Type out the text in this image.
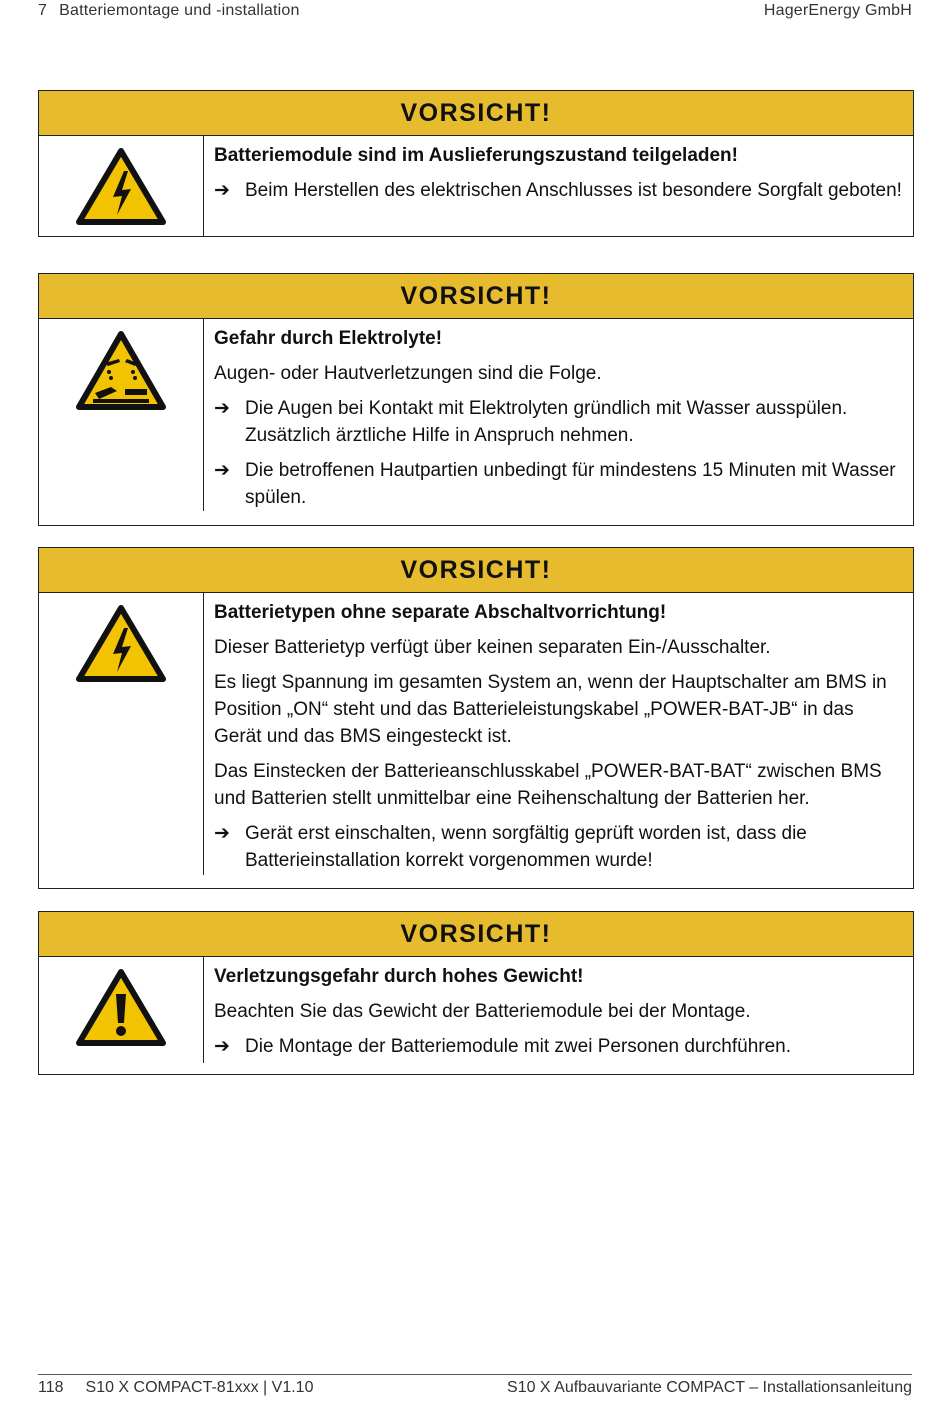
7 Batteriemontage und -installation	HagerEnergy GmbH
VORSICHT!
Batteriemodule sind im Auslieferungszustand teilgeladen!
➔ Beim Herstellen des elektrischen Anschlusses ist besondere Sorgfalt geboten!
VORSICHT!
Gefahr durch Elektrolyte!

Augen- oder Hautverletzungen sind die Folge.

➔ Die Augen bei Kontakt mit Elektrolyten gründlich mit Wasser ausspülen. Zusätzlich ärztliche Hilfe in Anspruch nehmen.
➔ Die betroffenen Hautpartien unbedingt für mindestens 15 Minuten mit Wasser spülen.
VORSICHT!
Batterietypen ohne separate Abschaltvorrichtung!

Dieser Batterietyp verfügt über keinen separaten Ein-/Ausschalter.

Es liegt Spannung im gesamten System an, wenn der Hauptschalter am BMS in Position „ON“ steht und das Batterieleistungskabel „POWER-BAT-JB“ in das Gerät und das BMS eingesteckt ist.

Das Einstecken der Batterieanschlusskabel „POWER-BAT-BAT“ zwischen BMS und Batterien stellt unmittelbar eine Reihenschaltung der Batterien her.

➔ Gerät erst einschalten, wenn sorgfältig geprüft worden ist, dass die Batterieinstallation korrekt vorgenommen wurde!
VORSICHT!
Verletzungsgefahr durch hohes Gewicht!

Beachten Sie das Gewicht der Batteriemodule bei der Montage.

➔ Die Montage der Batteriemodule mit zwei Personen durchführen.
118 S10 X COMPACT-81xxx | V1.10	S10 X Aufbauvariante COMPACT – Installationsanleitung
